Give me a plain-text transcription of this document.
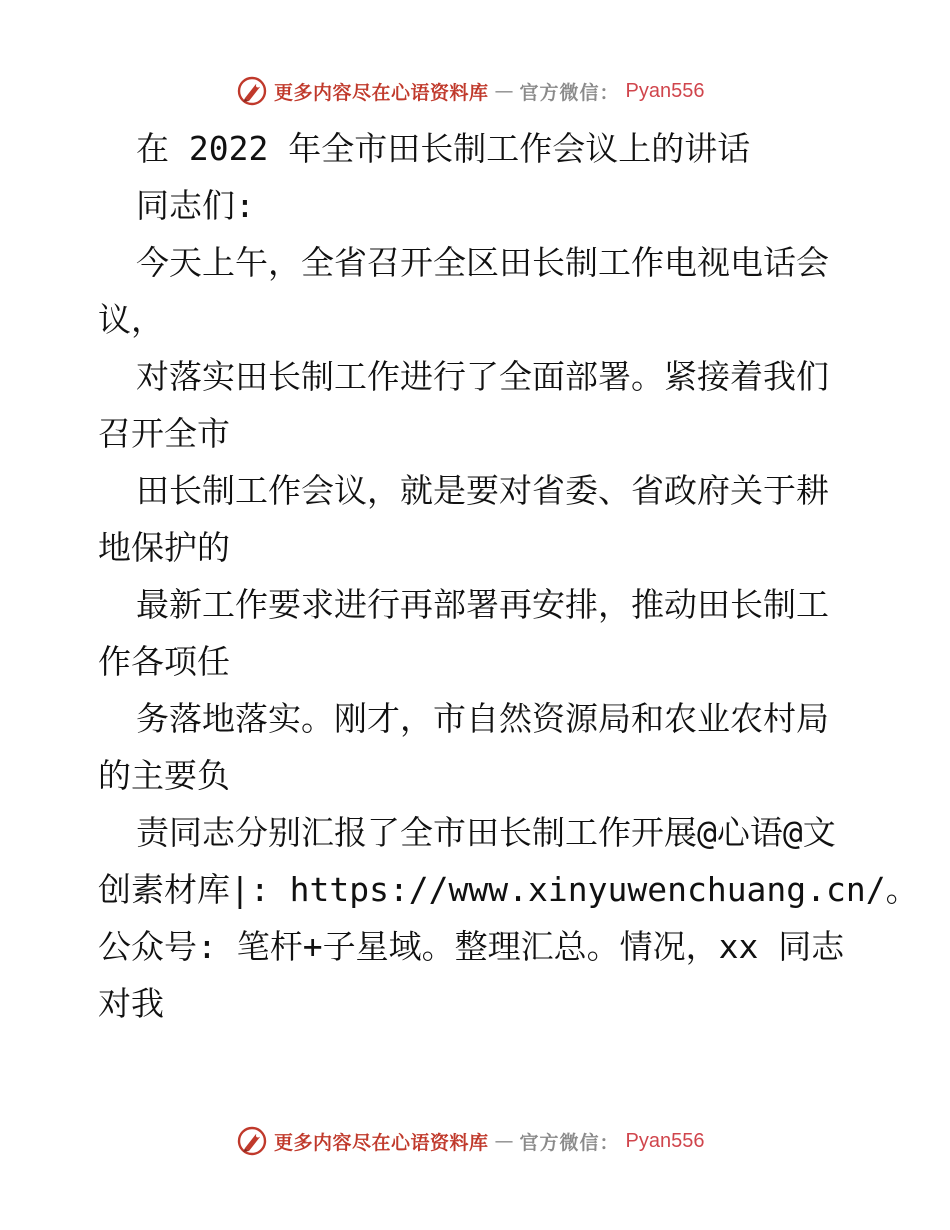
更多内容尽在心语资料库 — 官方微信： Pyan556
在 2022 年全市田长制工作会议上的讲话
同志们:
今天上午，全省召开全区田长制工作电视电话会
议，
对落实田长制工作进行了全面部署。紧接着我们
召开全市
田长制工作会议，就是要对省委、省政府关于耕
地保护的
最新工作要求进行再部署再安排，推动田长制工
作各项任
务落地落实。刚才，市自然资源局和农业农村局
的主要负
责同志分别汇报了全市田长制工作开展@心语@文
创素材库|: https://www.xinyuwenchuang.cn/。
公众号: 笔杆+子星域。整理汇总。情况，xx 同志
对我
更多内容尽在心语资料库 — 官方微信： Pyan556
